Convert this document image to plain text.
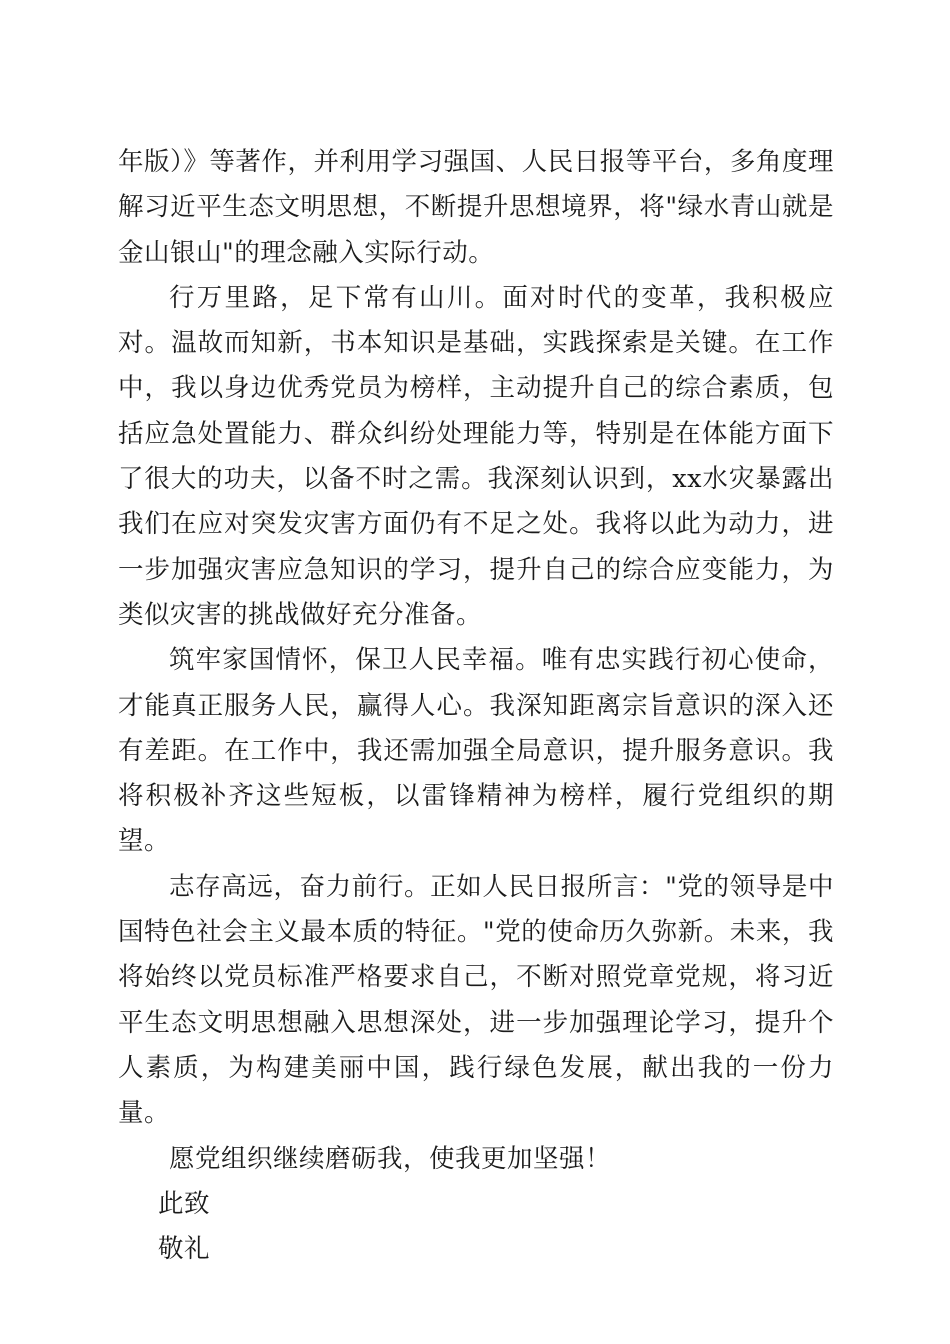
年版）》等著作，并利用学习强国、人民日报等平台，多角度理解习近平生态文明思想，不断提升思想境界，将"绿水青山就是金山银山"的理念融入实际行动。

行万里路，足下常有山川。面对时代的变革，我积极应对。温故而知新，书本知识是基础，实践探索是关键。在工作中，我以身边优秀党员为榜样，主动提升自己的综合素质，包括应急处置能力、群众纠纷处理能力等，特别是在体能方面下了很大的功夫，以备不时之需。我深刻认识到，xx水灾暴露出我们在应对突发灾害方面仍有不足之处。我将以此为动力，进一步加强灾害应急知识的学习，提升自己的综合应变能力，为类似灾害的挑战做好充分准备。

筑牢家国情怀，保卫人民幸福。唯有忠实践行初心使命，才能真正服务人民，赢得人心。我深知距离宗旨意识的深入还有差距。在工作中，我还需加强全局意识，提升服务意识。我将积极补齐这些短板，以雷锋精神为榜样，履行党组织的期望。

志存高远，奋力前行。正如人民日报所言："党的领导是中国特色社会主义最本质的特征。"党的使命历久弥新。未来，我将始终以党员标准严格要求自己，不断对照党章党规，将习近平生态文明思想融入思想深处，进一步加强理论学习，提升个人素质，为构建美丽中国，践行绿色发展，献出我的一份力量。

愿党组织继续磨砺我，使我更加坚强！

此致

敬礼
